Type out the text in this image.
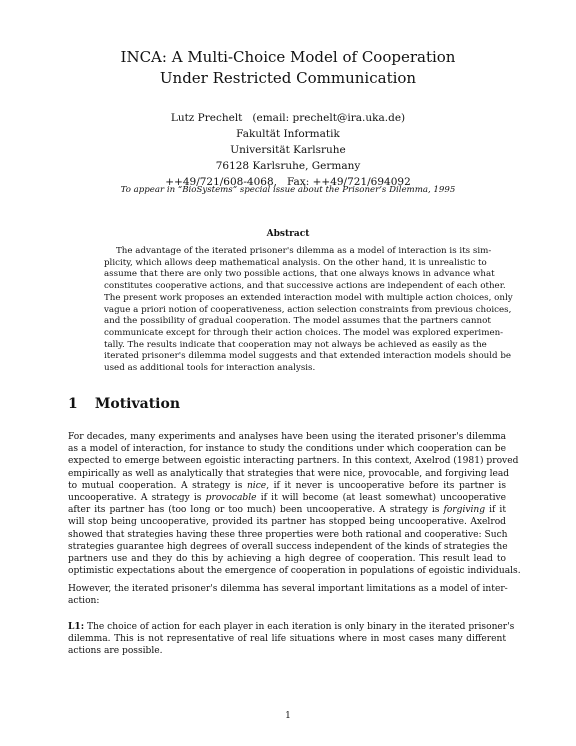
INCA: A Multi-Choice Model of Cooperation
Under Restricted Communication
Lutz Prechelt   (email: prechelt@ira.uka.de)
Fakultät Informatik
Universität Karlsruhe
76128 Karlsruhe, Germany
++49/721/608-4068,   Fax: ++49/721/694092
To appear in “BioSystems” special issue about the Prisoner’s Dilemma, 1995
Abstract
The advantage of the iterated prisoner's dilemma as a model of interaction is its sim-
plicity, which allows deep mathematical analysis. On the other hand, it is unrealistic to
assume that there are only two possible actions, that one always knows in advance what
constitutes cooperative actions, and that successive actions are independent of each other.
The present work proposes an extended interaction model with multiple action choices, only
vague a priori notion of cooperativeness, action selection constraints from previous choices,
and the possibility of gradual cooperation. The model assumes that the partners cannot
communicate except for through their action choices. The model was explored experimen-
tally. The results indicate that cooperation may not always be achieved as easily as the
iterated prisoner's dilemma model suggests and that extended interaction models should be
used as additional tools for interaction analysis.
1 Motivation
For decades, many experiments and analyses have been using the iterated prisoner's dilemma
as a model of interaction, for instance to study the conditions under which cooperation can be
expected to emerge between egoistic interacting partners. In this context, Axelrod (1981) proved
empirically as well as analytically that strategies that were nice, provocable, and forgiving lead
to mutual cooperation. A strategy is nice, if it never is uncooperative before its partner is
uncooperative. A strategy is provocable if it will become (at least somewhat) uncooperative
after its partner has (too long or too much) been uncooperative. A strategy is forgiving if it
will stop being uncooperative, provided its partner has stopped being uncooperative. Axelrod
showed that strategies having these three properties were both rational and cooperative: Such
strategies guarantee high degrees of overall success independent of the kinds of strategies the
partners use and they do this by achieving a high degree of cooperation. This result lead to
optimistic expectations about the emergence of cooperation in populations of egoistic individuals.
However, the iterated prisoner's dilemma has several important limitations as a model of inter-
action:
L1: The choice of action for each player in each iteration is only binary in the iterated prisoner's
dilemma. This is not representative of real life situations where in most cases many different
actions are possible.
1
